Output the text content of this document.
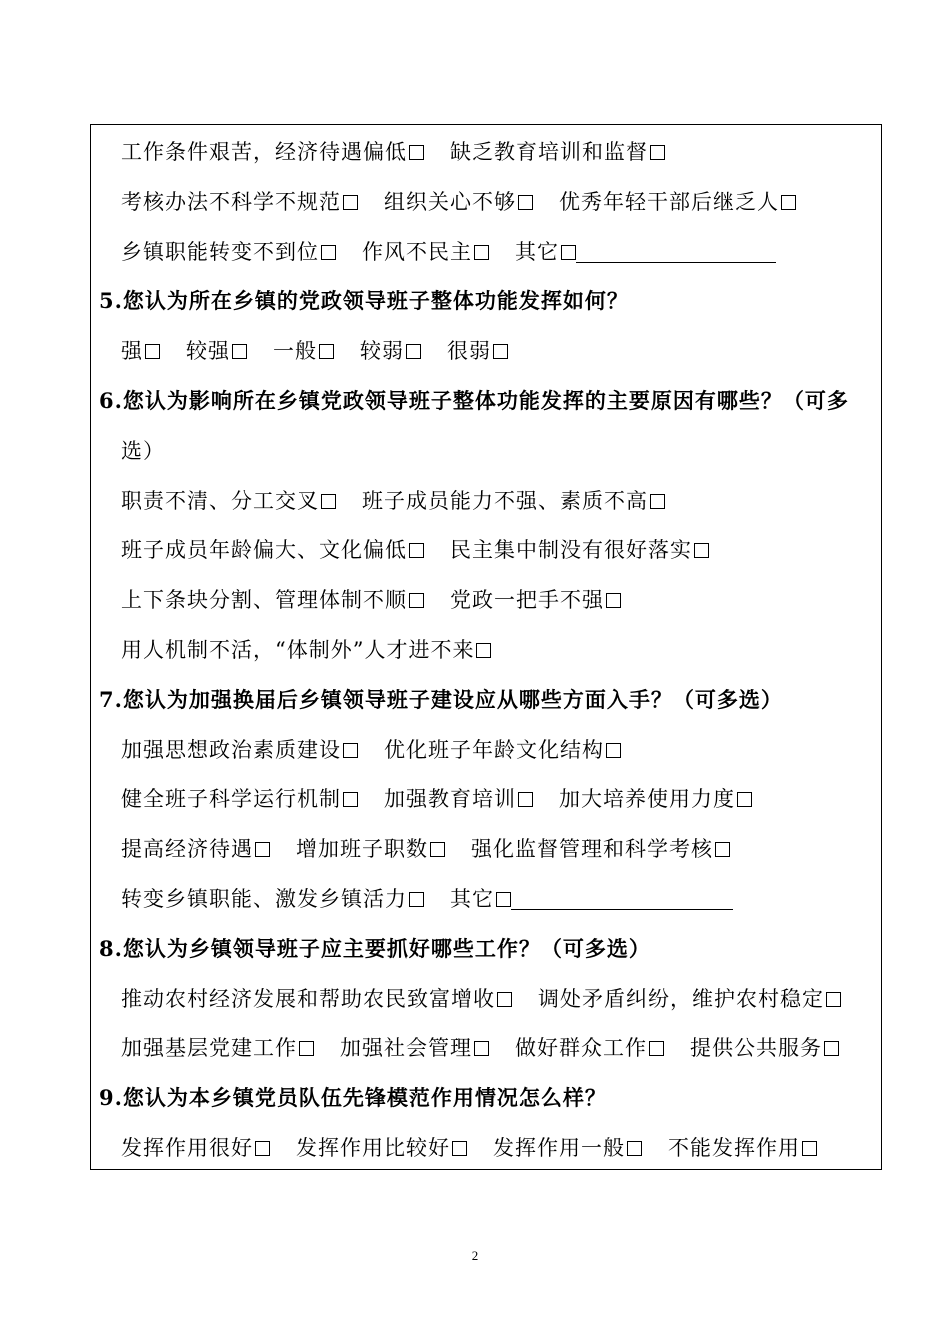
工作条件艰苦，经济待遇偏低 缺乏教育培训和监督
考核办法不科学不规范 组织关心不够 优秀年轻干部后继乏人
乡镇职能转变不到位 作风不民主 其它
5.您认为所在乡镇的党政领导班子整体功能发挥如何？
强 较强 一般 较弱 很弱
6.您认为影响所在乡镇党政领导班子整体功能发挥的主要原因有哪些？（可多
选）
职责不清、分工交叉 班子成员能力不强、素质不高
班子成员年龄偏大、文化偏低 民主集中制没有很好落实
上下条块分割、管理体制不顺 党政一把手不强
用人机制不活，“体制外”人才进不来
7.您认为加强换届后乡镇领导班子建设应从哪些方面入手？（可多选）
加强思想政治素质建设 优化班子年龄文化结构
健全班子科学运行机制 加强教育培训 加大培养使用力度
提高经济待遇 增加班子职数 强化监督管理和科学考核
转变乡镇职能、激发乡镇活力 其它
8.您认为乡镇领导班子应主要抓好哪些工作？（可多选）
推动农村经济发展和帮助农民致富增收 调处矛盾纠纷，维护农村稳定
加强基层党建工作 加强社会管理 做好群众工作 提供公共服务
9.您认为本乡镇党员队伍先锋模范作用情况怎么样？
发挥作用很好 发挥作用比较好 发挥作用一般 不能发挥作用
2
